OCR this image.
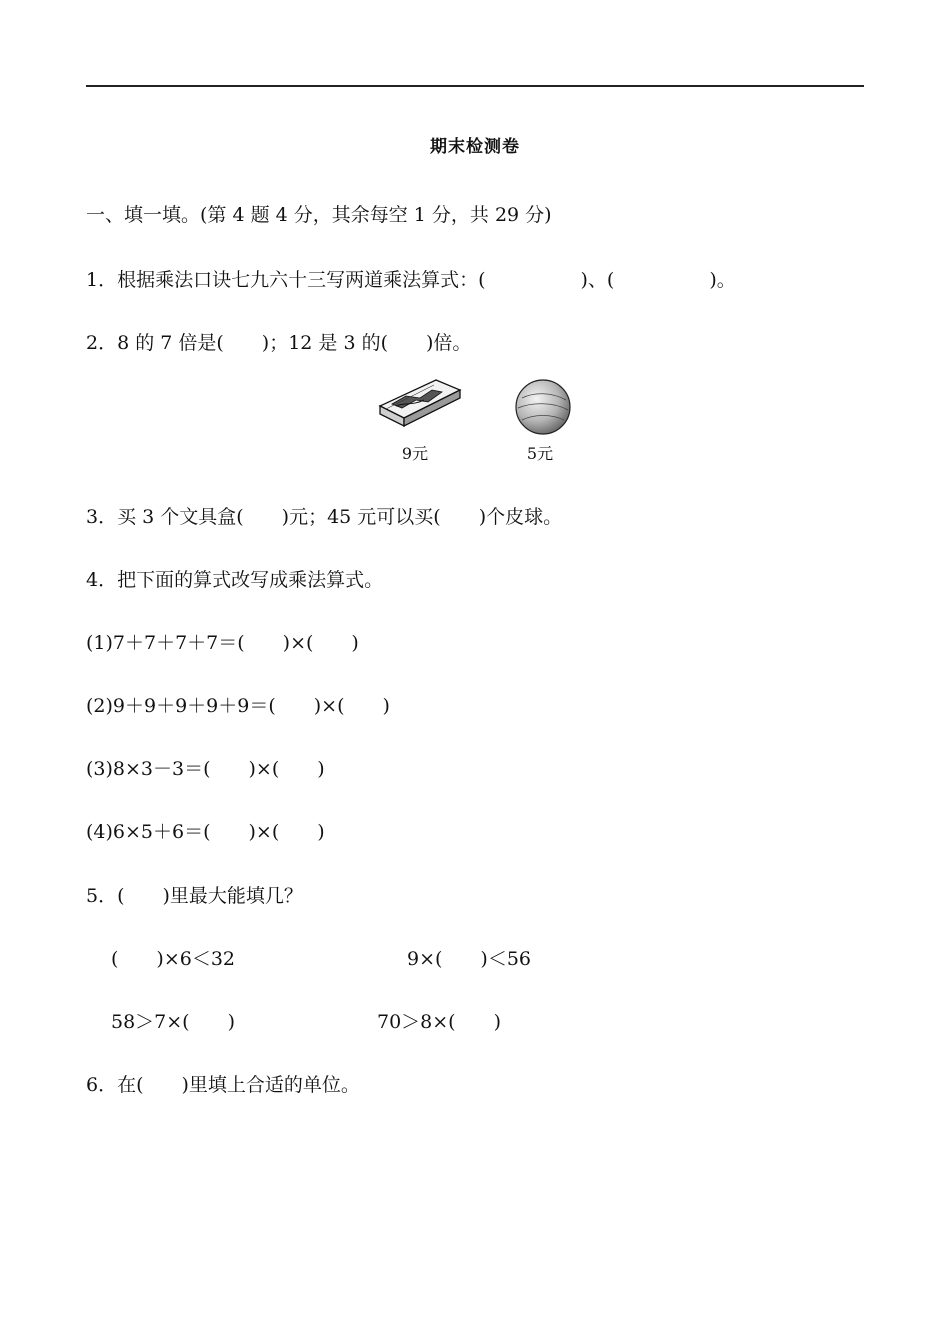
期末检测卷
一、填一填。(第 4 题 4 分，其余每空 1 分，共 29 分)
1．根据乘法口诀七九六十三写两道乘法算式：(　　　　　)、(　　　　　)。
2．8 的 7 倍是(　　)；12 是 3 的(　　)倍。
9元	5元
3．买 3 个文具盒(　　)元；45 元可以买(　　)个皮球。
4．把下面的算式改写成乘法算式。
(1)7＋7＋7＋7＝(　　)×(　　)
(2)9＋9＋9＋9＋9＝(　　)×(　　)
(3)8×3－3＝(　　)×(　　)
(4)6×5＋6＝(　　)×(　　)
5．(　　)里最大能填几？
(　　)×6＜32	9×(　　)＜56
58＞7×(　　)	70＞8×(　　)
6．在(　　)里填上合适的单位。
